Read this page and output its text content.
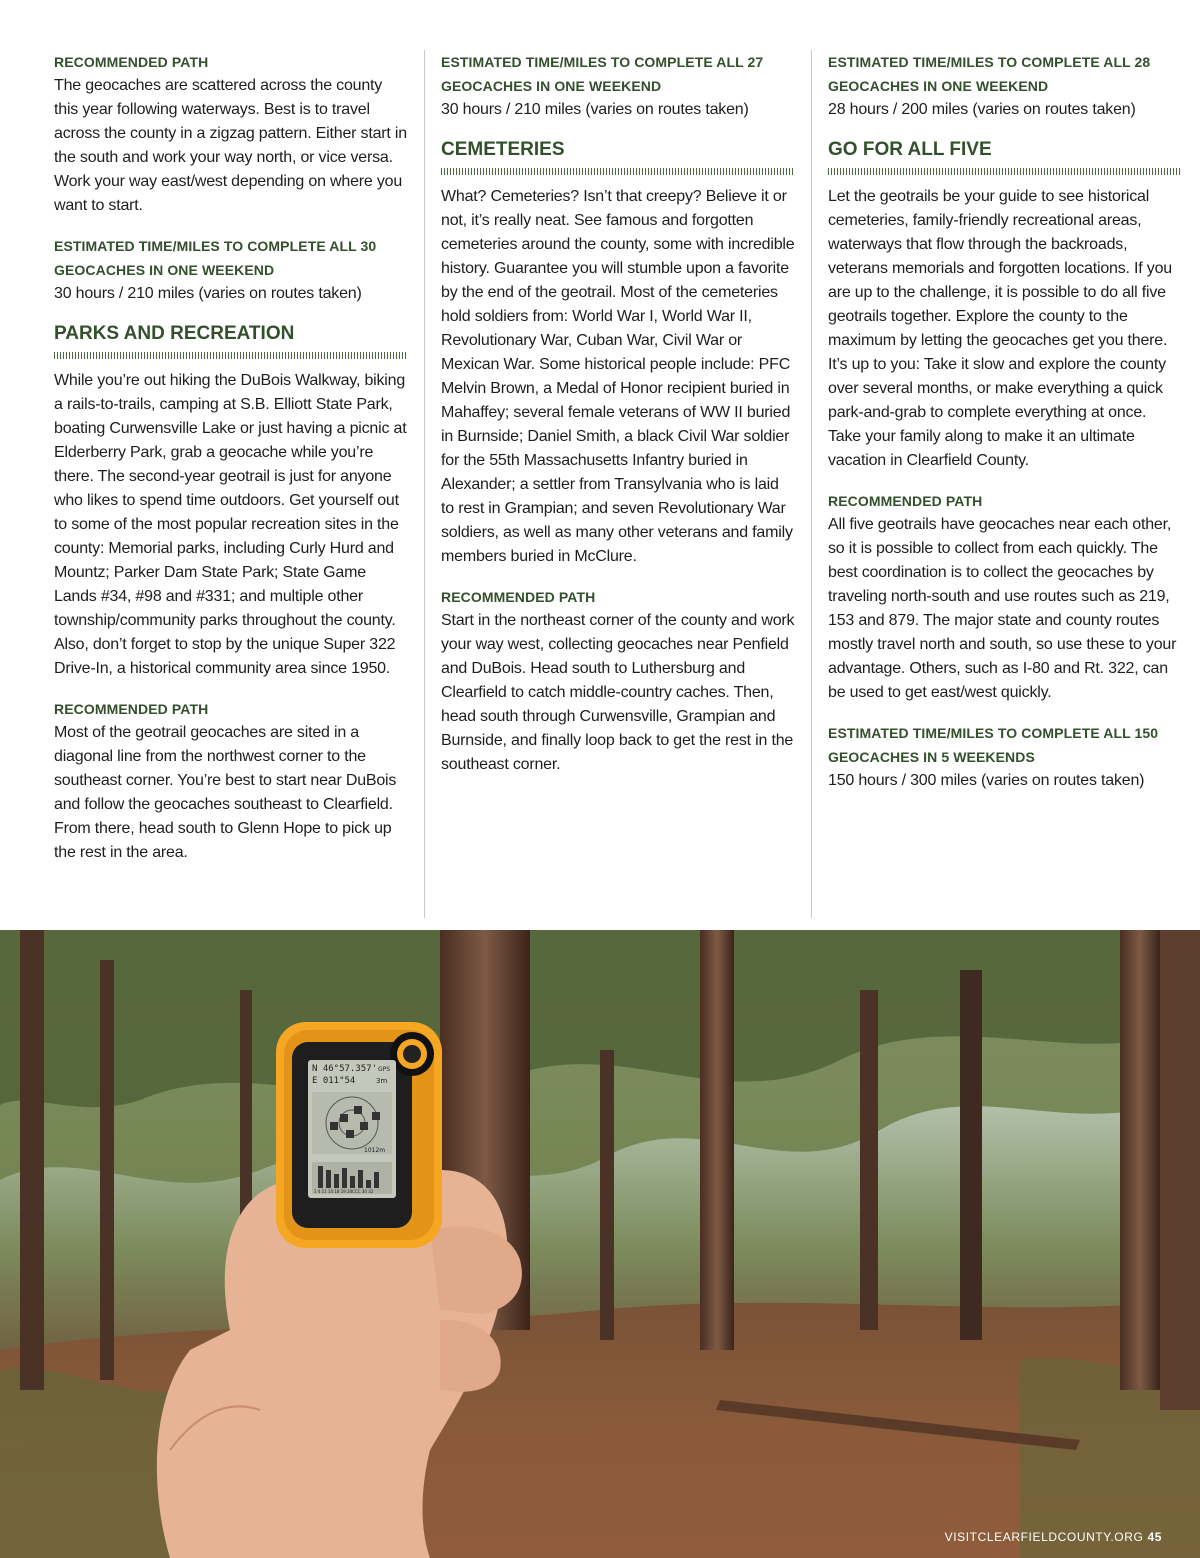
RECOMMENDED PATH

The geocaches are scattered across the county this year following waterways. Best is to travel across the county in a zigzag pattern. Either start in the south and work your way north, or vice versa. Work your way east/west depending on where you want to start.

ESTIMATED TIME/MILES TO COMPLETE ALL 30 GEOCACHES IN ONE WEEKEND

30 hours / 210 miles (varies on routes taken)

PARKS AND RECREATION

While you’re out hiking the DuBois Walkway, biking a rails-to-trails, camping at S.B. Elliott State Park, boating Curwensville Lake or just having a picnic at Elderberry Park, grab a geocache while you’re there. The second-year geotrail is just for anyone who likes to spend time outdoors. Get yourself out to some of the most popular recreation sites in the county: Memorial parks, including Curly Hurd and Mountz; Parker Dam State Park; State Game Lands #34, #98 and #331; and multiple other township/community parks throughout the county. Also, don’t forget to stop by the unique Super 322 Drive-In, a historical community area since 1950.

RECOMMENDED PATH

Most of the geotrail geocaches are sited in a diagonal line from the northwest corner to the southeast corner. You’re best to start near DuBois and follow the geocaches southeast to Clearfield. From there, head south to Glenn Hope to pick up the rest in the area.

ESTIMATED TIME/MILES TO COMPLETE ALL 27 GEOCACHES IN ONE WEEKEND

30 hours / 210 miles (varies on routes taken)

CEMETERIES

What? Cemeteries? Isn’t that creepy? Believe it or not, it’s really neat. See famous and forgotten cemeteries around the county, some with incredible history. Guarantee you will stumble upon a favorite by the end of the geotrail. Most of the cemeteries hold soldiers from: World War I, World War II, Revolutionary War, Cuban War, Civil War or Mexican War. Some historical people include: PFC Melvin Brown, a Medal of Honor recipient buried in Mahaffey; several female veterans of WW II buried in Burnside; Daniel Smith, a black Civil War soldier for the 55th Massachusetts Infantry buried in Alexander; a settler from Transylvania who is laid to rest in Grampian; and seven Revolutionary War soldiers, as well as many other veterans and family members buried in McClure.

RECOMMENDED PATH

Start in the northeast corner of the county and work your way west, collecting geocaches near Penfield and DuBois. Head south to Luthersburg and Clearfield to catch middle-country caches. Then, head south through Curwensville, Grampian and Burnside, and finally loop back to get the rest in the southeast corner.

ESTIMATED TIME/MILES TO COMPLETE ALL 28 GEOCACHES IN ONE WEEKEND

28 hours / 200 miles (varies on routes taken)

GO FOR ALL FIVE

Let the geotrails be your guide to see historical cemeteries, family-friendly recreational areas, waterways that flow through the backroads, veterans memorials and forgotten locations. If you are up to the challenge, it is possible to do all five geotrails together. Explore the county to the maximum by letting the geocaches get you there. It’s up to you: Take it slow and explore the county over several months, or make everything a quick park-and-grab to complete everything at once. Take your family along to make it an ultimate vacation in Clearfield County.

RECOMMENDED PATH

All five geotrails have geocaches near each other, so it is possible to collect from each quickly. The best coordination is to collect the geocaches by traveling north-south and use routes such as 219, 153 and 879. The major state and county routes mostly travel north and south, so use these to your advantage. Others, such as I-80 and Rt. 322, can be used to get east/west quickly.

ESTIMATED TIME/MILES TO COMPLETE ALL 150 GEOCACHES IN 5 WEEKENDS

150 hours / 300 miles (varies on routes taken)

N 46°57.357'
E 011°54
GPS
3m
1012m
1 4 11 14 18 19 20CCC 30 32
VISITCLEARFIELDCOUNTY.ORG 45
